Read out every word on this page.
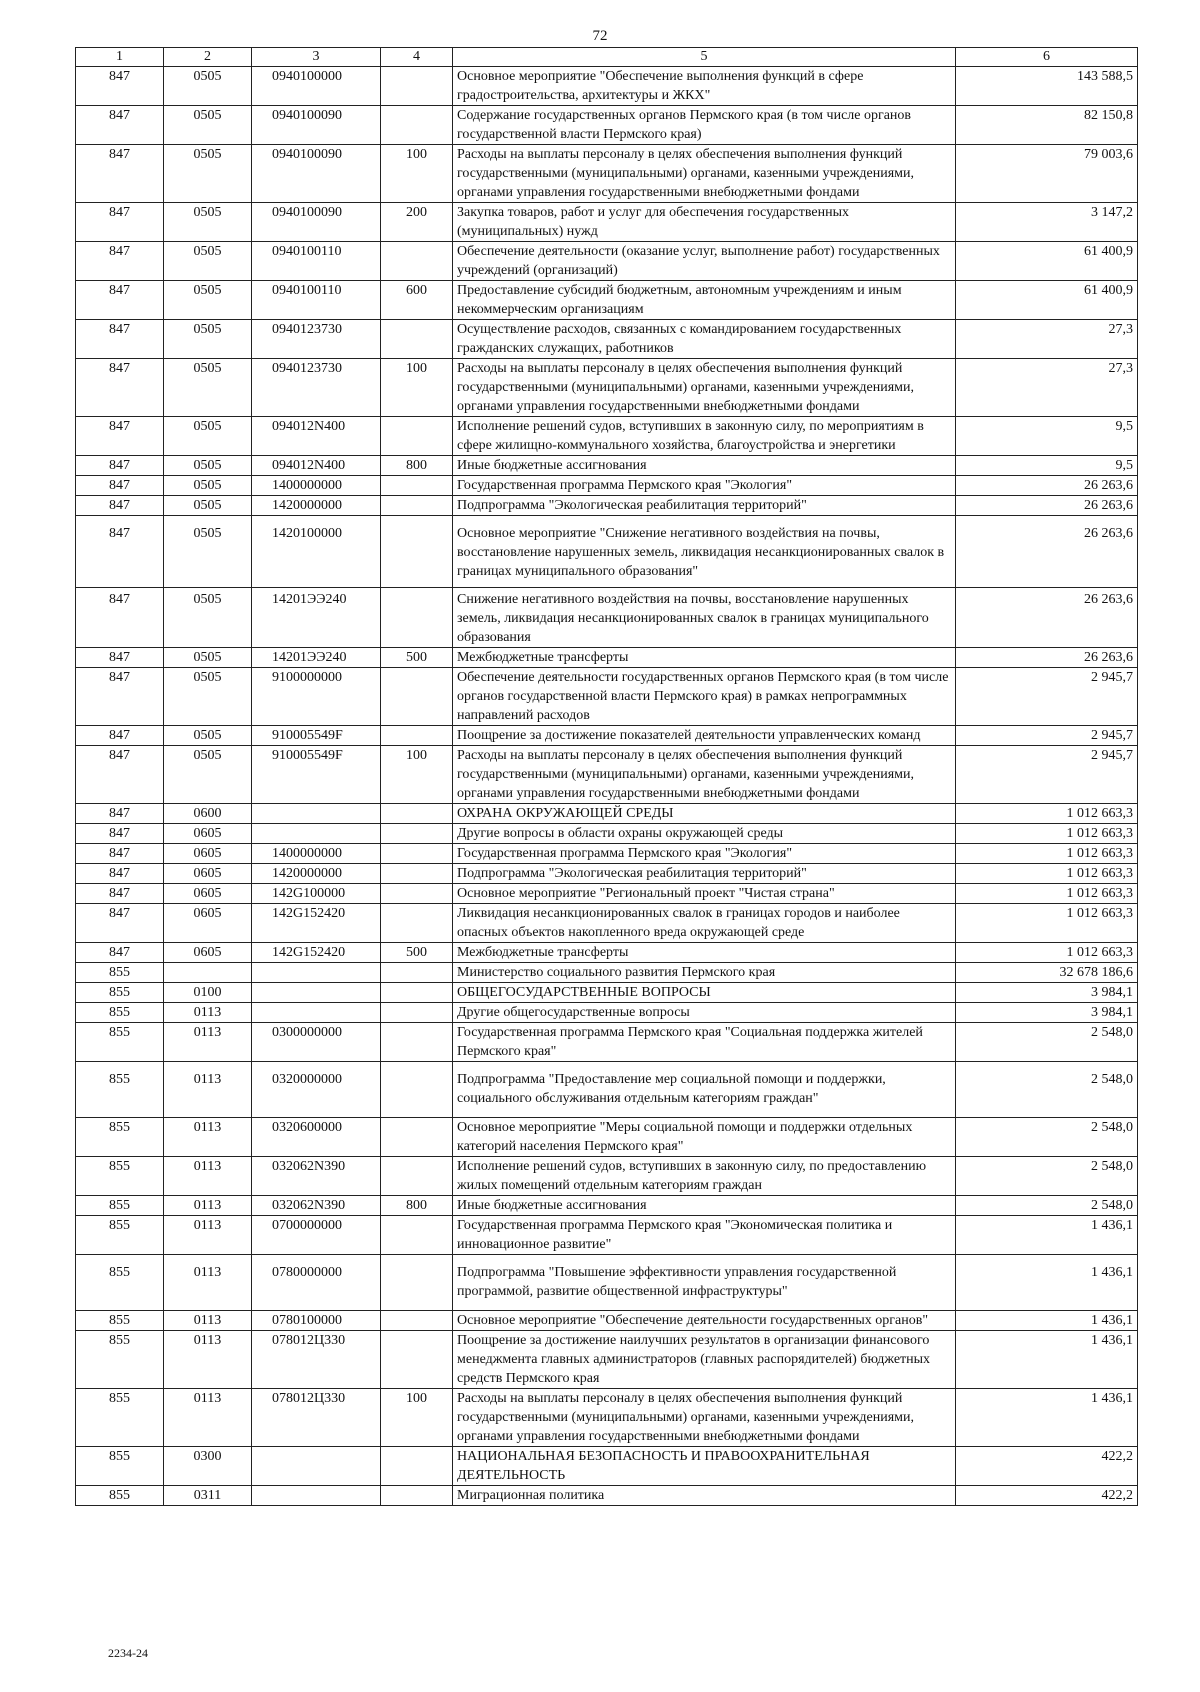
72
1	2	3	4	5	6
847	0505	0940100000		Основное мероприятие "Обеспечение выполнения функций в сфере градостроительства, архитектуры и ЖКХ"	143 588,5
847	0505	0940100090		Содержание государственных органов Пермского края (в том числе органов государственной власти Пермского края)	82 150,8
847	0505	0940100090	100	Расходы на выплаты персоналу в целях обеспечения выполнения функций государственными (муниципальными) органами, казенными учреждениями, органами управления государственными внебюджетными фондами	79 003,6
847	0505	0940100090	200	Закупка товаров, работ и услуг для обеспечения государственных (муниципальных) нужд	3 147,2
847	0505	0940100110		Обеспечение деятельности (оказание услуг, выполнение работ) государственных учреждений (организаций)	61 400,9
847	0505	0940100110	600	Предоставление субсидий бюджетным, автономным учреждениям и иным некоммерческим организациям	61 400,9
847	0505	0940123730		Осуществление расходов, связанных с командированием государственных гражданских служащих, работников	27,3
847	0505	0940123730	100	Расходы на выплаты персоналу в целях обеспечения выполнения функций государственными (муниципальными) органами, казенными учреждениями, органами управления государственными внебюджетными фондами	27,3
847	0505	094012N400		Исполнение решений судов, вступивших в законную силу, по мероприятиям в сфере жилищно-коммунального хозяйства, благоустройства и энергетики	9,5
847	0505	094012N400	800	Иные бюджетные ассигнования	9,5
847	0505	1400000000		Государственная программа Пермского края "Экология"	26 263,6
847	0505	1420000000		Подпрограмма "Экологическая реабилитация территорий"	26 263,6
847	0505	1420100000		Основное мероприятие "Снижение негативного воздействия на почвы, восстановление нарушенных земель, ликвидация несанкционированных свалок в границах муниципального образования"	26 263,6
847	0505	14201ЭЭ240		Снижение негативного воздействия на почвы, восстановление нарушенных земель, ликвидация несанкционированных свалок в границах муниципального образования	26 263,6
847	0505	14201ЭЭ240	500	Межбюджетные трансферты	26 263,6
847	0505	9100000000		Обеспечение деятельности государственных органов Пермского края (в том числе органов государственной власти Пермского края) в рамках непрограммных направлений расходов	2 945,7
847	0505	910005549F		Поощрение за достижение показателей деятельности управленческих команд	2 945,7
847	0505	910005549F	100	Расходы на выплаты персоналу в целях обеспечения выполнения функций государственными (муниципальными) органами, казенными учреждениями, органами управления государственными внебюджетными фондами	2 945,7
847	0600			ОХРАНА ОКРУЖАЮЩЕЙ СРЕДЫ	1 012 663,3
847	0605			Другие вопросы в области охраны окружающей среды	1 012 663,3
847	0605	1400000000		Государственная программа Пермского края "Экология"	1 012 663,3
847	0605	1420000000		Подпрограмма "Экологическая реабилитация территорий"	1 012 663,3
847	0605	142G100000		Основное мероприятие "Региональный проект "Чистая страна"	1 012 663,3
847	0605	142G152420		Ликвидация несанкционированных свалок в границах городов и наиболее опасных объектов накопленного вреда окружающей среде	1 012 663,3
847	0605	142G152420	500	Межбюджетные трансферты	1 012 663,3
855				Министерство социального развития Пермского края	32 678 186,6
855	0100			ОБЩЕГОСУДАРСТВЕННЫЕ ВОПРОСЫ	3 984,1
855	0113			Другие общегосударственные вопросы	3 984,1
855	0113	0300000000		Государственная программа Пермского края "Социальная поддержка жителей Пермского края"	2 548,0
855	0113	0320000000		Подпрограмма "Предоставление мер социальной помощи и поддержки, социального обслуживания отдельным категориям граждан"	2 548,0
855	0113	0320600000		Основное мероприятие "Меры социальной помощи и поддержки отдельных категорий населения Пермского края"	2 548,0
855	0113	032062N390		Исполнение решений судов, вступивших в законную силу, по предоставлению жилых помещений отдельным категориям граждан	2 548,0
855	0113	032062N390	800	Иные бюджетные ассигнования	2 548,0
855	0113	0700000000		Государственная программа Пермского края "Экономическая политика и инновационное развитие"	1 436,1
855	0113	0780000000		Подпрограмма "Повышение эффективности управления государственной программой, развитие общественной инфраструктуры"	1 436,1
855	0113	0780100000		Основное мероприятие "Обеспечение деятельности государственных органов"	1 436,1
855	0113	078012Ц330		Поощрение за достижение наилучших результатов в организации финансового менеджмента главных администраторов (главных распорядителей) бюджетных средств Пермского края	1 436,1
855	0113	078012Ц330	100	Расходы на выплаты персоналу в целях обеспечения выполнения функций государственными (муниципальными) органами, казенными учреждениями, органами управления государственными внебюджетными фондами	1 436,1
855	0300			НАЦИОНАЛЬНАЯ БЕЗОПАСНОСТЬ И ПРАВООХРАНИТЕЛЬНАЯ ДЕЯТЕЛЬНОСТЬ	422,2
855	0311			Миграционная политика	422,2
2234-24
